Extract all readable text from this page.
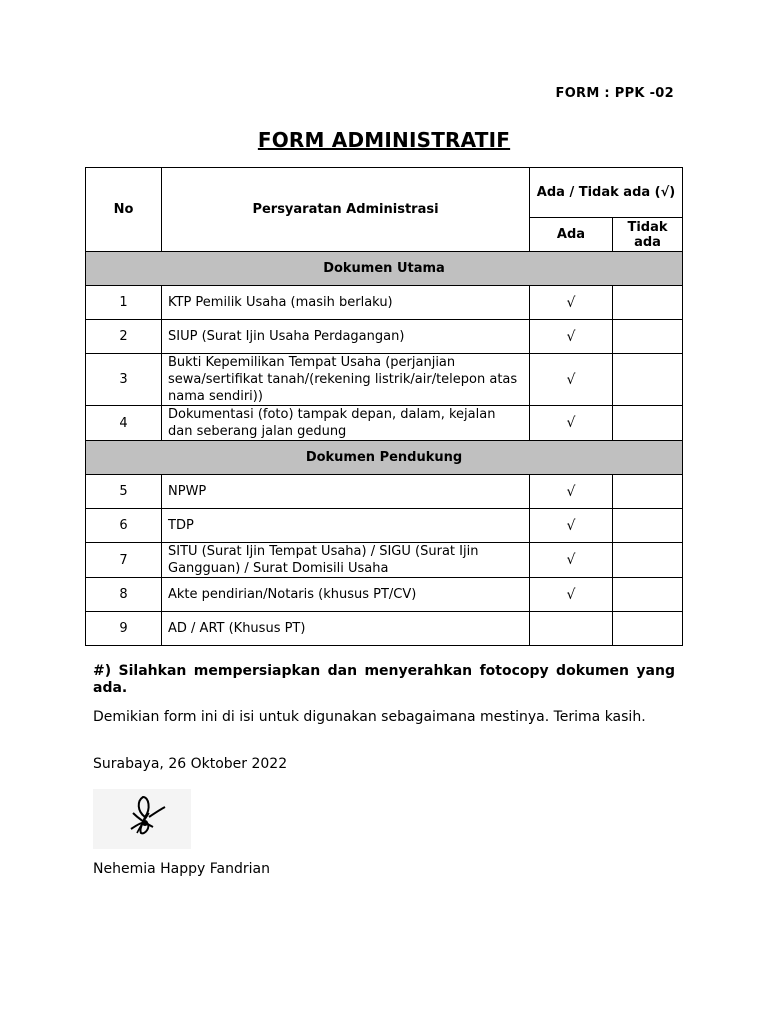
FORM : PPK -02
FORM ADMINISTRATIF
No	Persyaratan Administrasi	Ada / Tidak ada (√)	
		Ada	Tidak ada
Dokumen Utama			
1	KTP Pemilik Usaha (masih berlaku)	√	
2	SIUP (Surat Ijin Usaha Perdagangan)	√	
3	Bukti Kepemilikan Tempat Usaha (perjanjian sewa/sertifikat tanah/(rekening listrik/air/telepon atas nama sendiri))	√	
4	Dokumentasi (foto) tampak depan, dalam, kejalan dan seberang jalan gedung	√	
Dokumen Pendukung			
5	NPWP	√	
6	TDP	√	
7	SITU (Surat Ijin Tempat Usaha) / SIGU (Surat Ijin Gangguan) / Surat Domisili Usaha	√	
8	Akte pendirian/Notaris (khusus PT/CV)	√	
9	AD / ART (Khusus PT)		
#) Silahkan mempersiapkan dan menyerahkan fotocopy dokumen yang ada.
Demikian form ini di isi untuk digunakan sebagaimana mestinya. Terima kasih.
Surabaya, 26 Oktober 2022
Nehemia Happy Fandrian
